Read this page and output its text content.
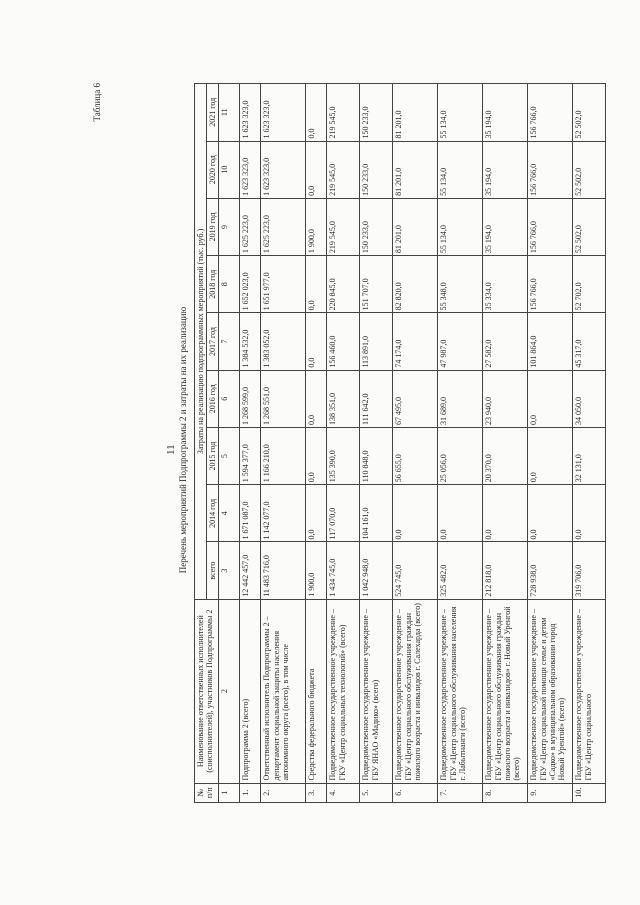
Таблица 6
11 Перечень мероприятий Подпрограммы 2 и затраты на их реализацию
№ п/п	Наименование ответственных исполнителей (соисполнителей), участников Подпрограммы 2	Затраты на реализацию подпрограммных мероприятий (тыс. руб.)								
		всего	2014 год	2015 год	2016 год	2017 год	2018 год	2019 год	2020 год	2021 год
1	2	3	4	5	6	7	8	9	10	11
1.	Подпрограмма 2 (всего)	12 442 457,0	1 671 087,0	1 594 377,0	1 268 599,0	1 384 532,0	1 652 023,0	1 625 223,0	1 623 323,0	1 623 323,0
2.	Ответственный исполнитель Подпрограммы 2 – департамент социальной защиты населения автономного округа (всего), в том числе	11 483 716,0	1 142 077,0	1 166 210,0	1 268 551,0	1 383 052,0	1 651 977,0	1 625 223,0	1 623 323,0	1 623 323,0
3.	Средства федерального бюджета	1 900,0	0,0	0,0	0,0	0,0	0,0	1 900,0	0,0	0,0
4.	Подведомственное государственное учреждение – ГКУ «Центр социальных технологий» (всего)	1 434 745,0	117 070,0	135 390,0	138 351,0	156 460,0	220 845,0	219 545,0	219 545,0	219 545,0
5.	Подведомственное государственное учреждение – ГБУ ЯНАО «Мадико» (всего)	1 042 948,0	104 161,0	110 848,0	111 642,0	113 891,0	151 707,0	150 233,0	150 233,0	150 233,0
6.	Подведомственное государственное учреждение – ГБУ «Центр социального обслуживания граждан пожилого возраста и инвалидов г. Салехарда (всего)	524 745,0	0,0	56 655,0	67 495,0	74 174,0	82 820,0	81 201,0	81 201,0	81 201,0
7.	Подведомственное государственное учреждение – ГБУ «Центр социального обслуживания населения г. Лабытнанги (всего)	325 482,0	0,0	25 056,0	31 689,0	47 987,0	55 348,0	55 134,0	55 134,0	55 134,0
8.	Подведомственное государственное учреждение – ГБУ «Центр социального обслуживания граждан пожилого возраста и инвалидов» г. Новый Уренгой (всего)	212 818,0	0,0	20 370,0	23 940,0	27 582,0	35 334,0	35 194,0	35 194,0	35 194,0
9.	Подведомственное государственное учреждение – ГБУ «Центр социальной помощи семье и детям «Садко» в муниципальном образовании город Новый Уренгой» (всего)	728 938,0	0,0	0,0	0,0	101 864,0	156 766,0	156 766,0	156 766,0	156 766,0
10.	Подведомственное государственное учреждение – ГБУ «Центр социального	319 706,0	0,0	32 131,0	34 050,0	45 317,0	52 702,0	52 502,0	52 502,0	52 502,0
